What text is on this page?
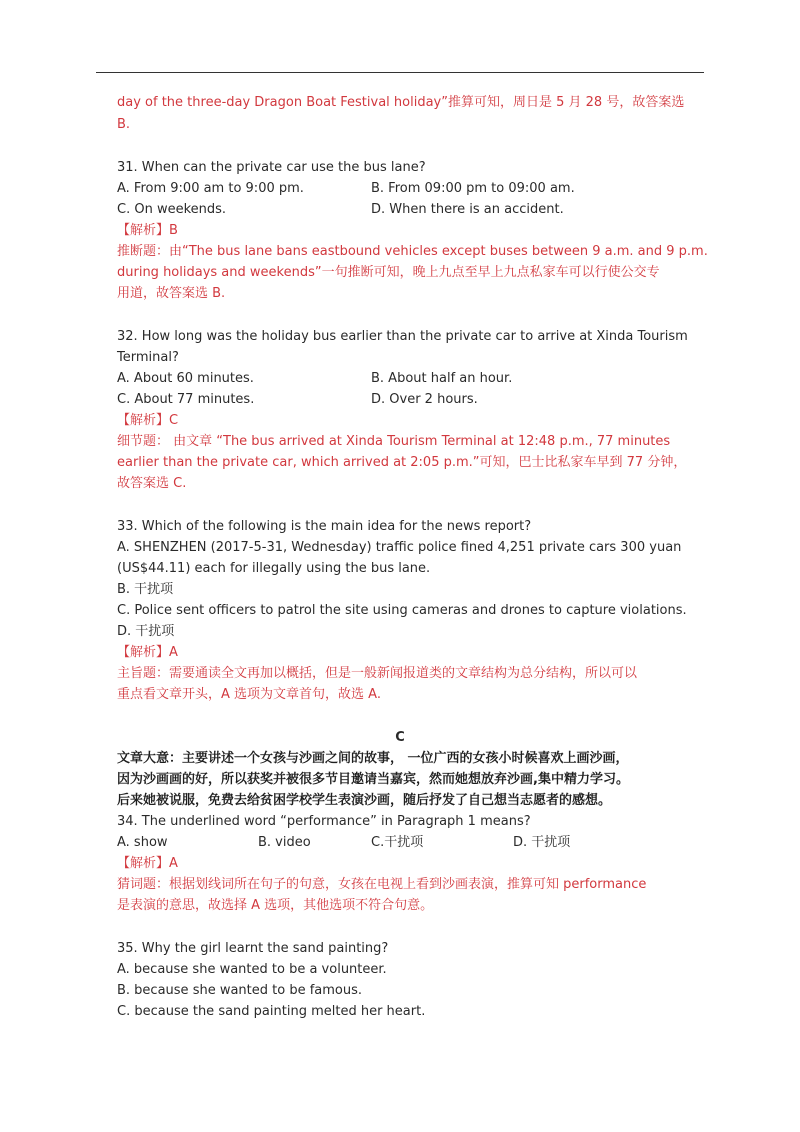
day of the three-day Dragon Boat Festival holiday”推算可知，周日是 5 月 28 号，故答案选
B.
31. When can the private car use the bus lane?
A. From 9:00 am to 9:00 pm.	B. From 09:00 pm to 09:00 am.
C. On weekends.	D. When there is an accident.
【解析】B
推断题：由“The bus lane bans eastbound vehicles except buses between 9 a.m. and 9 p.m.
during holidays and weekends”一句推断可知，晚上九点至早上九点私家车可以行使公交专
用道，故答案选 B.
32. How long was the holiday bus earlier than the private car to arrive at Xinda Tourism
Terminal?
A. About 60 minutes.	B. About half an hour.
C. About 77 minutes.	D. Over 2 hours.
【解析】C
细节题： 由文章 “The bus arrived at Xinda Tourism Terminal at 12:48 p.m., 77 minutes
earlier than the private car, which arrived at 2:05 p.m.”可知，巴士比私家车早到 77 分钟，
故答案选 C.
33. Which of the following is the main idea for the news report?
A. SHENZHEN (2017-5-31, Wednesday) traffic police fined 4,251 private cars 300 yuan
(US$44.11) each for illegally using the bus lane.
B. 干扰项
C. Police sent officers to patrol the site using cameras and drones to capture violations.
D. 干扰项
【解析】A
主旨题：需要通读全文再加以概括，但是一般新闻报道类的文章结构为总分结构，所以可以
重点看文章开头，A 选项为文章首句，故选 A.
C
文章大意：主要讲述一个女孩与沙画之间的故事， 一位广西的女孩小时候喜欢上画沙画，
因为沙画画的好，所以获奖并被很多节目邀请当嘉宾，然而她想放弃沙画,集中精力学习。
后来她被说服，免费去给贫困学校学生表演沙画，随后抒发了自己想当志愿者的感想。
34. The underlined word “performance” in Paragraph 1 means?
A. show	B. video	C.干扰项	D. 干扰项
【解析】A
猜词题：根据划线词所在句子的句意，女孩在电视上看到沙画表演，推算可知 performance
是表演的意思，故选择 A 选项，其他选项不符合句意。
35. Why the girl learnt the sand painting?
A. because she wanted to be a volunteer.
B. because she wanted to be famous.
C. because the sand painting melted her heart.
